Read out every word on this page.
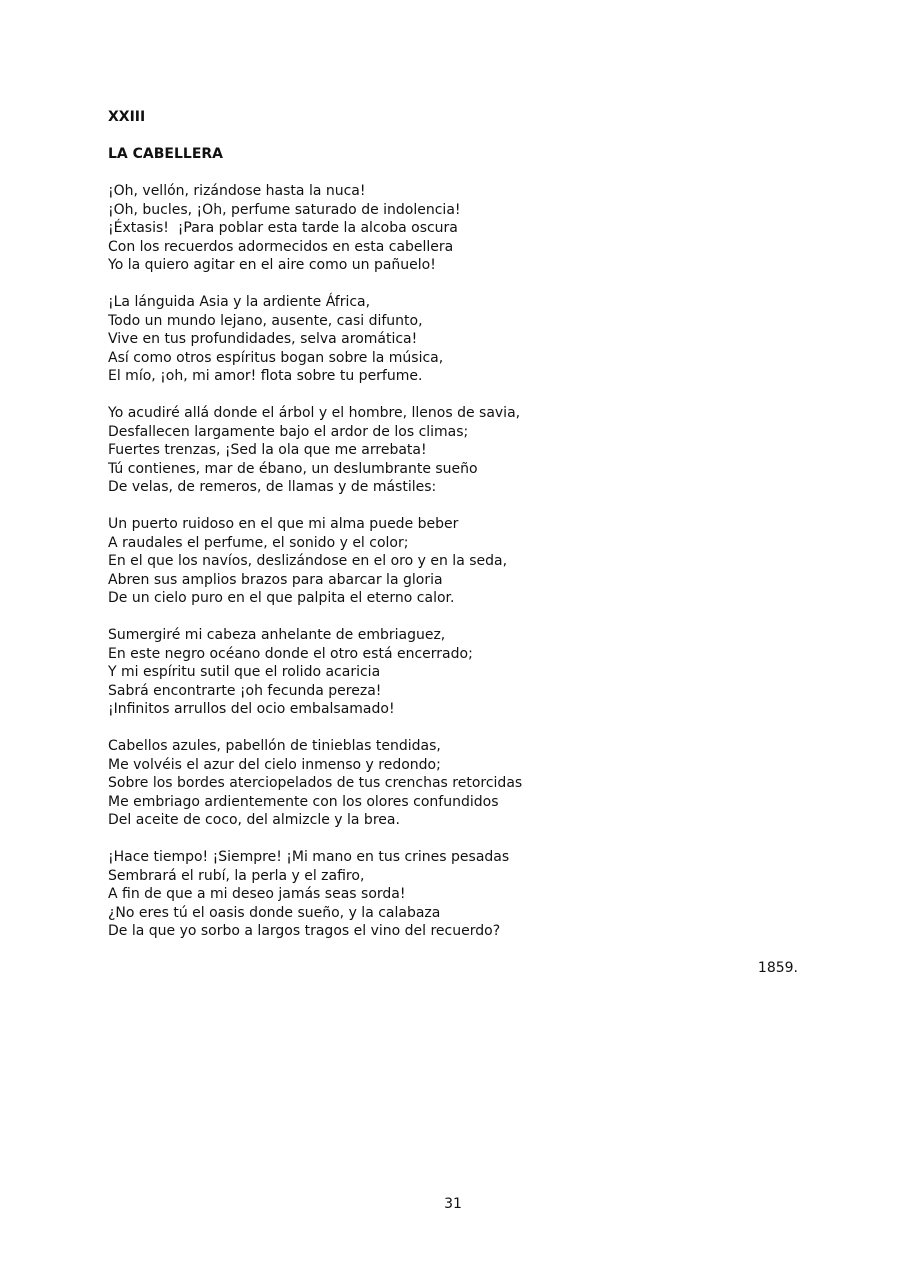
XXIII
LA CABELLERA
¡Oh, vellón, rizándose hasta la nuca!
¡Oh, bucles, ¡Oh, perfume saturado de indolencia!
¡Éxtasis!  ¡Para poblar esta tarde la alcoba oscura
Con los recuerdos adormecidos en esta cabellera
Yo la quiero agitar en el aire como un pañuelo!
¡La lánguida Asia y la ardiente África,
Todo un mundo lejano, ausente, casi difunto,
Vive en tus profundidades, selva aromática!
Así como otros espíritus bogan sobre la música,
El mío, ¡oh, mi amor! flota sobre tu perfume.
Yo acudiré allá donde el árbol y el hombre, llenos de savia,
Desfallecen largamente bajo el ardor de los climas;
Fuertes trenzas, ¡Sed la ola que me arrebata!
Tú contienes, mar de ébano, un deslumbrante sueño
De velas, de remeros, de llamas y de mástiles:
Un puerto ruidoso en el que mi alma puede beber
A raudales el perfume, el sonido y el color;
En el que los navíos, deslizándose en el oro y en la seda,
Abren sus amplios brazos para abarcar la gloria
De un cielo puro en el que palpita el eterno calor.
Sumergiré mi cabeza anhelante de embriaguez,
En este negro océano donde el otro está encerrado;
Y mi espíritu sutil que el rolido acaricia
Sabrá encontrarte ¡oh fecunda pereza!
¡Infinitos arrullos del ocio embalsamado!
Cabellos azules, pabellón de tinieblas tendidas,
Me volvéis el azur del cielo inmenso y redondo;
Sobre los bordes aterciopelados de tus crenchas retorcidas
Me embriago ardientemente con los olores confundidos
Del aceite de coco, del almizcle y la brea.
¡Hace tiempo! ¡Siempre! ¡Mi mano en tus crines pesadas
Sembrará el rubí, la perla y el zafiro,
A fin de que a mi deseo jamás seas sorda!
¿No eres tú el oasis donde sueño, y la calabaza
De la que yo sorbo a largos tragos el vino del recuerdo?
1859.
31
